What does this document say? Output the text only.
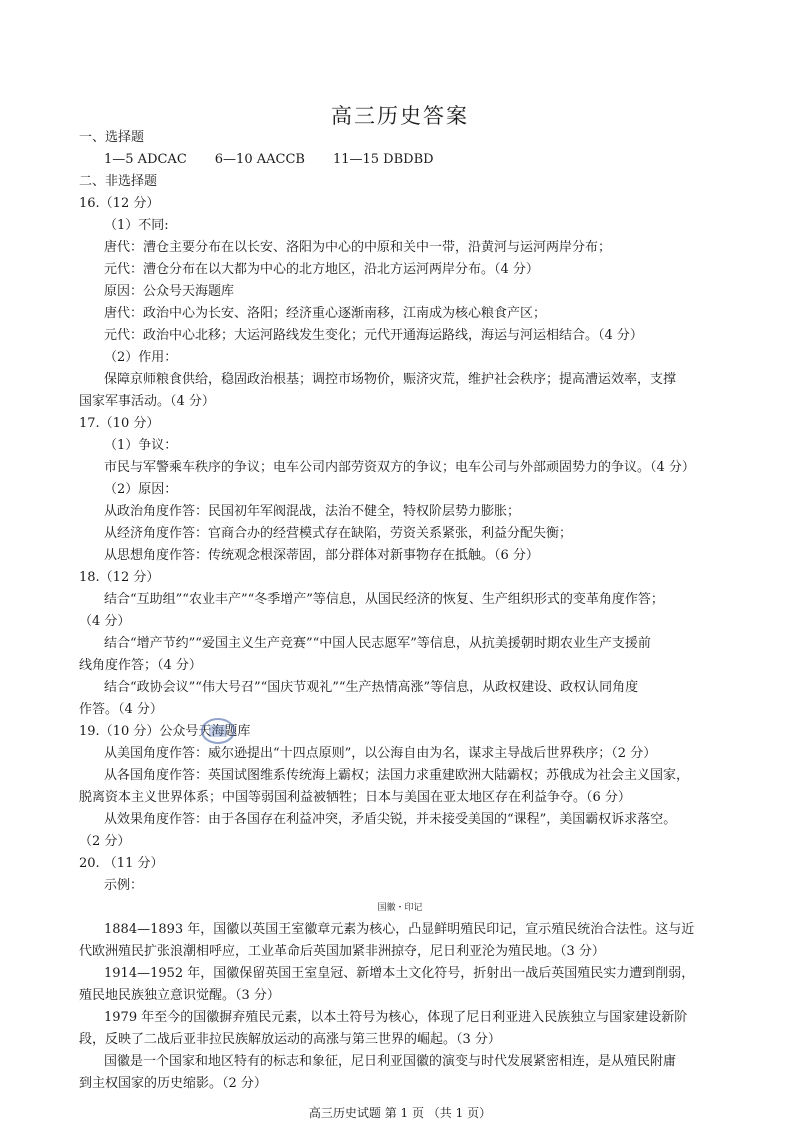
高三历史答案
一、选择题
1—5 ADCAC 6—10 AACCB 11—15 DBDBD
二、非选择题
16.（12 分）
（1）不同:
唐代：漕仓主要分布在以长安、洛阳为中心的中原和关中一带，沿黄河与运河两岸分布；
元代：漕仓分布在以大都为中心的北方地区，沿北方运河两岸分布。（4 分）
原因：公众号天海题库
唐代：政治中心为长安、洛阳；经济重心逐渐南移，江南成为核心粮食产区；
元代：政治中心北移；大运河路线发生变化；元代开通海运路线，海运与河运相结合。（4 分）
（2）作用：
保障京师粮食供给，稳固政治根基；调控市场物价，赈济灾荒，维护社会秩序；提高漕运效率，支撑
国家军事活动。（4 分）
17.（10 分）
（1）争议：
市民与军警乘车秩序的争议；电车公司内部劳资双方的争议；电车公司与外部顽固势力的争议。（4 分）
（2）原因：
从政治角度作答：民国初年军阀混战，法治不健全，特权阶层势力膨胀；
从经济角度作答：官商合办的经营模式存在缺陷，劳资关系紧张，利益分配失衡；
从思想角度作答：传统观念根深蒂固，部分群体对新事物存在抵触。（6 分）
18.（12 分）
结合“互助组”“农业丰产”“冬季增产”等信息，从国民经济的恢复、生产组织形式的变革角度作答；
（4 分）
结合“增产节约”“爱国主义生产竞赛”“中国人民志愿军”等信息，从抗美援朝时期农业生产支援前
线角度作答；（4 分）
结合“政协会议”“伟大号召”“国庆节观礼”“生产热情高涨”等信息，从政权建设、政权认同角度
作答。（4 分）
19.（10 分）公众号天海题库
从美国角度作答：威尔逊提出“十四点原则”，以公海自由为名，谋求主导战后世界秩序；（2 分）
从各国角度作答：英国试图维系传统海上霸权；法国力求重建欧洲大陆霸权；苏俄成为社会主义国家，
脱离资本主义世界体系；中国等弱国利益被牺牲；日本与美国在亚太地区存在利益争夺。（6 分）
从效果角度作答：由于各国存在利益冲突，矛盾尖锐，并未接受美国的“课程”，美国霸权诉求落空。
（2 分）
20. （11 分）
示例：
国徽・印记
1884—1893 年，国徽以英国王室徽章元素为核心，凸显鲜明殖民印记，宣示殖民统治合法性。这与近
代欧洲殖民扩张浪潮相呼应，工业革命后英国加紧非洲掠夺，尼日利亚沦为殖民地。（3 分）
1914—1952 年，国徽保留英国王室皇冠、新增本土文化符号，折射出一战后英国殖民实力遭到削弱，
殖民地民族独立意识觉醒。（3 分）
1979 年至今的国徽摒弃殖民元素，以本土符号为核心，体现了尼日利亚进入民族独立与国家建设新阶
段，反映了二战后亚非拉民族解放运动的高涨与第三世界的崛起。（3 分）
国徽是一个国家和地区特有的标志和象征，尼日利亚国徽的演变与时代发展紧密相连，是从殖民附庸
到主权国家的历史缩影。（2 分）
高三历史试题 第 1 页 （共 1 页）
